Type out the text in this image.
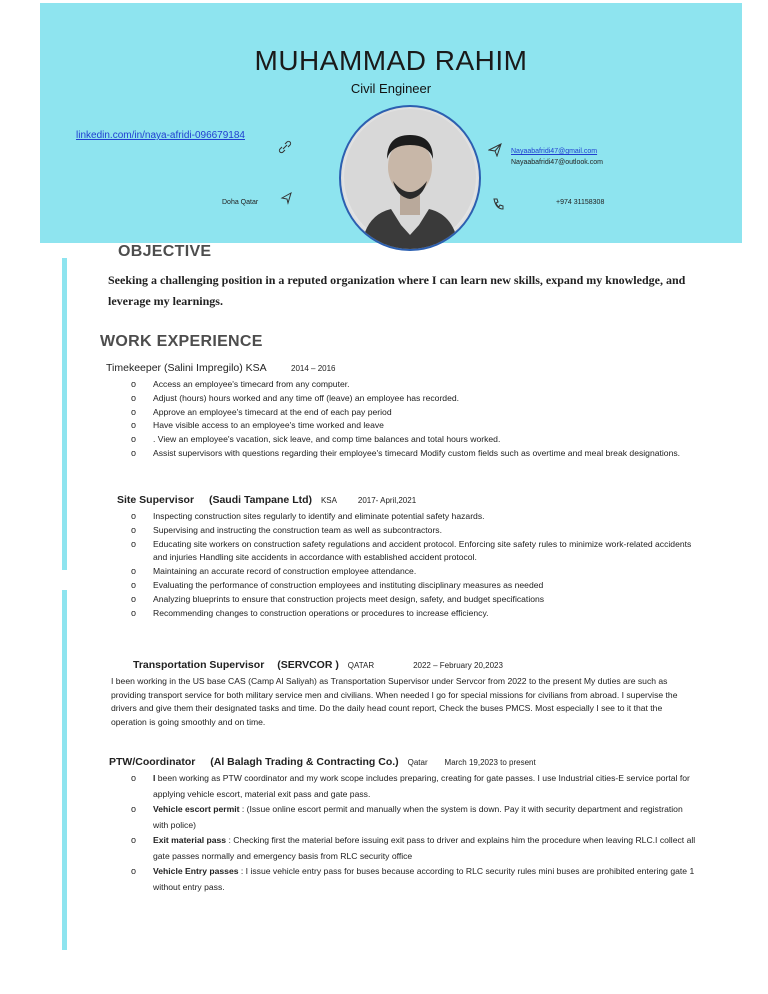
MUHAMMAD RAHIM
Civil Engineer
linkedin.com/in/naya-afridi-096679184
Nayaabafridi47@gmail.com
Nayaabafridi47@outlook.com
Doha Qatar	+974 31158308
OBJECTIVE
Seeking a challenging position in a reputed organization where I can learn new skills, expand my knowledge, and leverage my learnings.
WORK EXPERIENCE
Timekeeper (Salini Impregilo) KSA	2014 – 2016
o Access an employee's timecard from any computer.
o Adjust (hours) hours worked and any time off (leave) an employee has recorded.
o Approve an employee's timecard at the end of each pay period
o Have visible access to an employee's time worked and leave
o . View an employee's vacation, sick leave, and comp time balances and total hours worked.
o Assist supervisors with questions regarding their employee's timecard Modify custom fields such as overtime and meal break designations.
Site Supervisor (Saudi Tampane Ltd) KSA	2017- April,2021
o Inspecting construction sites regularly to identify and eliminate potential safety hazards.
o Supervising and instructing the construction team as well as subcontractors.
o Educating site workers on construction safety regulations and accident protocol. Enforcing site safety rules to minimize work-related accidents and injuries Handling site accidents in accordance with established accident protocol.
o Maintaining an accurate record of construction employee attendance.
o Evaluating the performance of construction employees and instituting disciplinary measures as needed
o Analyzing blueprints to ensure that construction projects meet design, safety, and budget specifications
o Recommending changes to construction operations or procedures to increase efficiency.
Transportation Supervisor (SERVCOR ) QATAR	2022 – February 20,2023
I been working in the US base CAS (Camp Al Saliyah) as Transportation Supervisor under Servcor from 2022 to the present My duties are such as providing transport service for both military service men and civilians. When needed I go for special missions for civilians from abroad. I supervise the drivers and give them their designated tasks and time. Do the daily head count report, Check the buses PMCS. Most especially I see to it that the operation is going smoothly and on time.
PTW/Coordinator (Al Balagh Trading & Contracting Co.) Qatar March 19,2023 to present
o I been working as PTW coordinator and my work scope includes preparing, creating for gate passes. I use Industrial cities-E service portal for applying vehicle escort, material exit pass and gate pass.
o Vehicle escort permit : (Issue online escort permit and manually when the system is down. Pay it with security department and registration with police)
o Exit material pass : Checking first the material before issuing exit pass to driver and explains him the procedure when leaving RLC.I collect all gate passes normally and emergency basis from RLC security office
o Vehicle Entry passes : I issue vehicle entry pass for buses because according to RLC security rules mini buses are prohibited entering gate 1 without entry pass.
